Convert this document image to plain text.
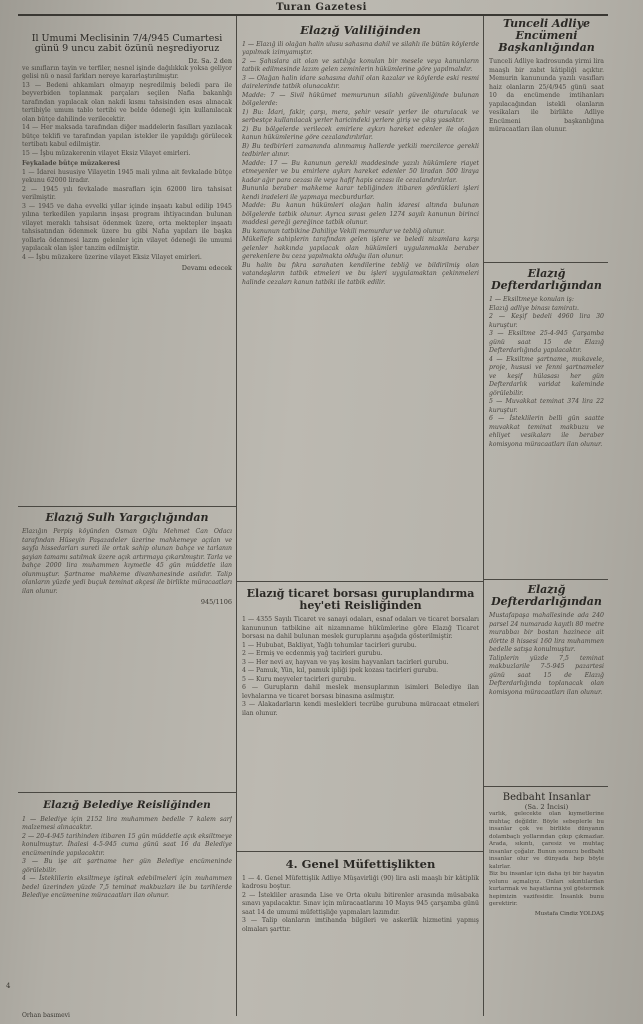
Turan Gazetesi
İl Umumi Meclisinin 7/4/945 Cumartesi günü 9 uncu zabit özünü neşrediyoruz
Dz. Sa. 2 den
ve sınıfların tayin ve terfiler, nesnel işinde dağılıkkık yoksa geliyor gelisi nü o nasıl farkları nereye kararlaştırılmıştır.
13 — Bedeni ahkamları olmayıp neşredilmiş beledi para ile beyverbiden toplanmak parçaları seçilen Nafia bakanlığı tarafından yapılacak olan nakdi kısmı tahsisinden esas alınacak tertibiyle umum tablo tertibi ve belde ödeneği için kullanılacak olan bütçe dahilinde verilecektir.
14 — Her maksada tarafından diğer maddelerin fasılları yazılacak bütçe teklifi ve tarafından yapılan istekler ile yapıldığı görülecek tertibatı kabul edilmiştir.
15 — İşbu müzakerenin vilayet Eksiz Vilayet emirleri.
Feykalade bütçe müzakeresi
1 — İdarei hususiye Vilayetin 1945 mali yılına ait fevkalade bütçe yekunu 62000 liradır.
2 — 1945 yılı fevkalade masrafları için 62000 lira tahsisat verilmiştir.
3 — 1945 ve daha evvelki yıllar içinde inşaatı kabul edilip 1945 yılına terkedilen yapıların inşası program ihtiyacından bulunan vilayet meraklı tahsisat ödenmek üzere, orta mektepler inşaatı tahsisatından ödenmek üzere bu gibi Nafıa yapıları ile başka yollarla ödenmesi lazım gelenler için vilayet ödeneği ile umumi yapılacak olan işler tanzim edilmiştir.
4 — İşbu müzakere üzerine vilayet Eksiz Vilayet emirleri.
Devamı edecek
Elazığ Sulh Yargıçlığından
Elazığın Perpiş köyünden Osman Oğlu Mehmet Can Odacı tarafından Hüseyin Paşazadeler üzerine mahkemeye açılan ve sayfa hissedarları sureti ile ortak sahip olunan bahçe ve tarlanın şayian tamamı satılmak üzere açık artırmaya çıkarılmıştır. Tarla ve bahçe 2000 lira muhammen kıymetle 45 gün müddetle ilan olunmuştur. Şartname mahkeme divanhanesinde asılıdır. Talip olanların yüzde yedi buçuk teminat akçesi ile birlikte müracaatları ilan olunur.
945/1106
Elazığ Belediye Reisliğinden
1 — Belediye için 2152 lira muhammen bedelle 7 kalem sarf malzemesi alınacaktır.
2 — 20-4-945 tarihinden itibaren 15 gün müddetle açık eksiltmeye konulmuştur. İhalesi 4-5-945 cuma günü saat 16 da Belediye encümeninde yapılacaktır.
3 — Bu işe ait şartname her gün Belediye encümeninde görülebilir.
4 — İsteklilerin eksiltmeye iştirak edebilmeleri için muhammen bedel üzerinden yüzde 7,5 teminat makbuzları ile bu tarihlerde Belediye encümenine müracaatları ilan olunur.
Elazığ Valiliğinden
1 — Elazığ ili olağan halin ulusu sahasına dahil ve silahlı ile bütün köylerde yapılmak izimyamıştır.
2 — Şahıslara ait olan ve satılığa konulan bir mesele veya kanunların tatbik edilmesinde lazım gelen zeminlerin hükümlerine göre yapılmalıdır.
3 — Olağan halin idare sahasına dahil olan kazalar ve köylerde eski resmi dairelerinde tatbik olunacaktır.
Madde: 7 — Sivil hükümet memurunun silahlı güvenliğinde bulunan bölgelerde:
1) Bu: İdari, fakir, çarşı, mera, şehir vesair yerler ile oturulacak ve serbestçe kullanılacak yerler haricindeki yerlere giriş ve çıkış yasaktır.
2) Bu bölgelerde verilecek emirlere aykırı hareket edenler ile olağan kanun hükümlerine göre cezalandırılırlar.
B) Bu tedbirleri zamanında alınmamış hallerde yetkili mercilerce gerekli tedbirler alınır.
Madde: 17 — Bu kanunun gerekli maddesinde yazılı hükümlere riayet etmeyenler ve bu emirlere aykırı hareket edenler 50 liradan 500 liraya kadar ağır para cezası ile veya hafif hapis cezası ile cezalandırılırlar.
Bununla beraber mahkeme karar tebliğinden itibaren gördükleri işleri kendi iradeleri ile yapmaya mecburdurlar.
Madde: Bu kanun hükümleri olağan halin idaresi altında bulunan bölgelerde tatbik olunur. Ayrıca sırası gelen 1274 sayılı kanunun birinci maddesi gereği gereğince tatbik olunur.
Bu kanunun tatbikine Dahiliye Vekili memurdur ve tebliğ olunur.
Mükellefe sahiplerin tarafından gelen işlere ve beledi nizamlara karşı gelenler hakkında yapılacak olan hükümleri uygulanmakla beraber gerekenlere bu ceza yapılmakta olduğu ilan olunur.
Bu halin bu fıkra sarahaten kendilerine tebliğ ve bildirilmiş olan vatandaşların tatbik etmeleri ve bu işleri uygulamaktan çekinmeleri halinde cezaları kanun tatbiki ile tatbik edilir.
Elazığ ticaret borsası guruplandırma hey'eti Reisliğinden
1 — 4355 Sayılı Ticaret ve sanayi odaları, esnaf odaları ve ticaret borsaları kanununun tatbikine ait nizamname hükümlerine göre Elazığ Ticaret borsası na dahil bulunan meslek guruplarını aşağıda gösterilmiştir.
1 — Hububat, Bakliyat, Yağlı tohumlar tacirleri gurubu.
2 — Ermiş ve ecdenmiş yağ tacirleri gurubu.
3 — Her nevi av, hayvan ve yaş kesim hayvanları tacirleri gurubu.
4 — Pamuk, Yün, kıl, pamuk ipliği ipek kozası tacirleri gurubu.
5 — Kuru meyveler tacirleri gurubu.
6 — Gurupların dahil meslek mensuplarının isimleri Belediye ilan levhalarına ve ticaret borsası binasına asılmıştır.
3 — Alakadarların kendi meslekleri tecrübe gurubuna müracaat etmeleri ilan olunur.
4. Genel Müfettişlikten
1 — 4. Genel Müfettişlik Adliye Müşavirliği (90) lira asli maaşlı bir kâtiplik kadrosu boştur.
2 — İstekliler arasında Lise ve Orta okulu bitirenler arasında müsabaka sınavı yapılacaktır. Sınav için müracaatlarını 10 Mayıs 945 çarşamba günü saat 14 de umumi müfettişliğe yapmaları lazımdır.
3 — Talip olanların imtihanda bilgileri ve askerlik hizmetini yapmış olmaları şarttır.
Tunceli Adliye Encümeni Başkanlığından
Tunceli Adliye kadrosunda yirmi lira maaşlı bir zabıt kâtipliği açıktır. Memurin kanununda yazılı vasıfları haiz olanların 25/4/945 günü saat 10 da encümende imtihanları yapılacağından istekli olanların vesikaları ile birlikte Adliye Encümeni başkanlığına müracaatları ilan olunur.
Elazığ Defterdarlığından
1 — Eksiltmeye konulan iş:
Elazığ adliye binası tamiratı.
2 — Keşif bedeli 4960 lira 30 kuruştur.
3 — Eksiltme 25-4-945 Çarşamba günü saat 15 de Elazığ Defterdarlığında yapılacaktır.
4 — Eksiltme şartname, mukavele, proje, hususi ve fenni şartnameler ve keşif hülasası her gün Defterdarlık varidat kaleminde görülebilir.
5 — Muvakkat teminat 374 lira 22 kuruştur.
6 — İsteklilerin belli gün saatte muvakkat teminat makbuzu ve ehliyet vesikaları ile beraber komisyona müracaatları ilan olunur.
Elazığ Defterdarlığından
Mustafapaşa mahallesinde ada 240 parsel 24 numarada kayıtlı 80 metre murabbaı bir bostan hazinece ait dörtte 8 hissesi 160 lira muhammen bedelle satışa konulmuştur.
Taliplerin yüzde 7,5 teminat makbuzlarile 7-5-945 pazartesi günü saat 15 de Elazığ Defterdarlığında toplanacak olan komisyona müracaatları ilan olunur.
Bedbaht İnsanlar
(Sa. 2 İncisi)
varlık, gelecekte olan kıymetlerine muhtaç değildir. Böyle sebeplerle bu insanlar çok ve birlikte dünyanın dolambaçlı yollarından çıkıp çıkmazlar. Arada, sıkıntı, çaresiz ve muhtaç insanlar çoğalır. Bunun sonucu bedbaht insanlar olur ve dünyada hep böyle kalırlar.
Biz bu insanlar için daha iyi bir hayatın yolunu açmalıyız. Onları sıkıntılardan kurtarmak ve hayatlarına yol göstermek hepimizin vazifesidir. İnsanlık bunu gerektirir.
Mustafa Cindiz YOLDAŞ
4
Orhan basımevi
